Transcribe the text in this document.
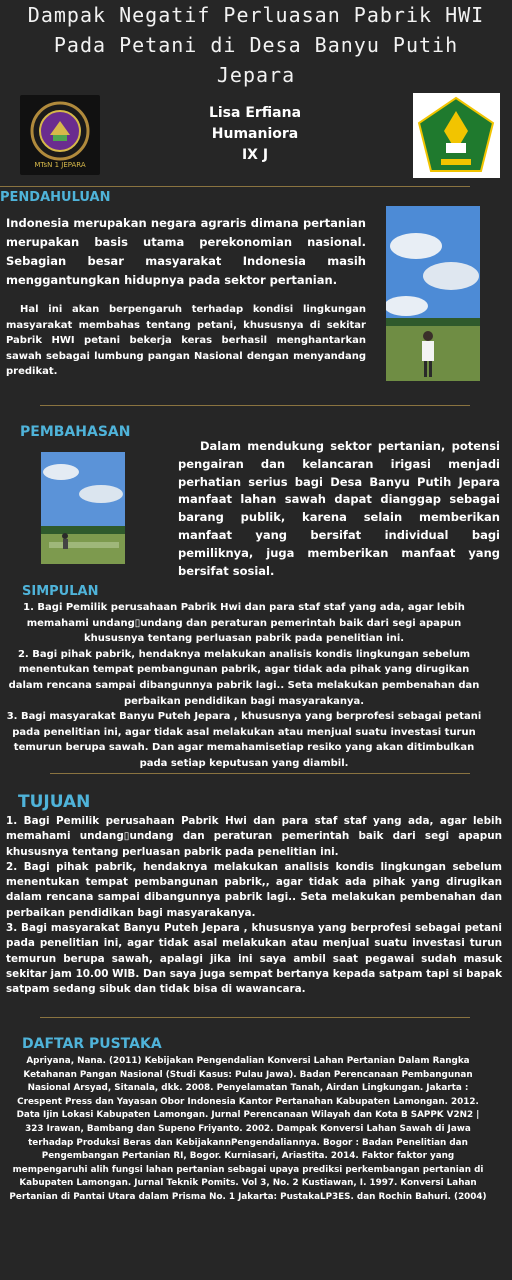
Dampak Negatif Perluasan Pabrik HWI
Pada Petani di Desa Banyu Putih
Jepara
MTsN 1 JEPARA
Lisa Erfiana
Humaniora
IX J
PENDAHULUAN
Indonesia merupakan negara agraris dimana pertanian merupakan basis utama perekonomian nasional. Sebagian besar masyarakat Indonesia masih menggantungkan hidupnya pada sektor pertanian.
Hal ini akan berpengaruh terhadap kondisi lingkungan masyarakat membahas tentang petani, khususnya di sekitar Pabrik HWI petani bekerja keras berhasil menghantarkan sawah sebagai lumbung pangan Nasional dengan menyandang predikat.
PEMBAHASAN
Dalam mendukung sektor pertanian, potensi pengairan dan kelancaran irigasi menjadi perhatian serius bagi Desa Banyu Putih Jepara manfaat lahan sawah dapat dianggap sebagai barang publik, karena selain memberikan manfaat yang bersifat individual bagi pemiliknya, juga memberikan manfaat yang bersifat sosial.
SIMPULAN
1. Bagi Pemilik perusahaan Pabrik Hwi dan para staf staf yang ada, agar lebih memahami undang▯undang dan peraturan pemerintah baik dari segi apapun khususnya tentang perluasan pabrik pada penelitian ini.
2. Bagi pihak pabrik, hendaknya melakukan analisis kondis lingkungan sebelum menentukan tempat pembangunan pabrik, agar tidak ada pihak yang dirugikan dalam rencana sampai dibangunnya pabrik lagi.. Seta melakukan pembenahan dan perbaikan pendidikan bagi masyarakanya.
3. Bagi masyarakat Banyu Puteh Jepara , khususnya yang berprofesi sebagai petani pada penelitian ini, agar tidak asal melakukan atau menjual suatu investasi turun temurun berupa sawah. Dan agar memahamisetiap resiko yang akan ditimbulkan pada setiap keputusan yang diambil.
TUJUAN
1. Bagi Pemilik perusahaan Pabrik Hwi dan para staf staf yang ada, agar lebih memahami undang▯undang dan peraturan pemerintah baik dari segi apapun khususnya tentang perluasan pabrik pada penelitian ini.
2. Bagi pihak pabrik, hendaknya melakukan analisis kondis lingkungan sebelum menentukan tempat pembangunan pabrik,, agar tidak ada pihak yang dirugikan dalam rencana sampai dibangunnya pabrik lagi.. Seta melakukan pembenahan dan perbaikan pendidikan bagi masyarakanya.
3. Bagi masyarakat Banyu Puteh Jepara , khususnya yang berprofesi sebagai petani pada penelitian ini, agar tidak asal melakukan atau menjual suatu investasi turun temurun berupa sawah, apalagi jika ini saya ambil saat pegawai sudah masuk sekitar jam 10.00 WIB. Dan saya juga sempat bertanya kepada satpam tapi si bapak satpam sedang sibuk dan tidak bisa di wawancara.
DAFTAR PUSTAKA
Apriyana, Nana. (2011) Kebijakan Pengendalian Konversi Lahan Pertanian Dalam Rangka Ketahanan Pangan Nasional (Studi Kasus: Pulau Jawa). Badan Perencanaan Pembangunan Nasional Arsyad, Sitanala, dkk. 2008. Penyelamatan Tanah, Airdan Lingkungan. Jakarta : Crespent Press dan Yayasan Obor Indonesia Kantor Pertanahan Kabupaten Lamongan. 2012. Data Ijin Lokasi Kabupaten Lamongan. Jurnal Perencanaan Wilayah dan Kota B SAPPK V2N2 | 323 Irawan, Bambang dan Supeno Friyanto. 2002. Dampak Konversi Lahan Sawah di Jawa terhadap Produksi Beras dan KebijakannPengendaliannya. Bogor : Badan Penelitian dan Pengembangan Pertanian RI, Bogor. Kurniasari, Ariastita. 2014. Faktor faktor yang mempengaruhi alih fungsi lahan pertanian sebagai upaya prediksi perkembangan pertanian di Kabupaten Lamongan. Jurnal Teknik Pomits. Vol 3, No. 2 Kustiawan, I. 1997. Konversi Lahan Pertanian di Pantai Utara dalam Prisma No. 1 Jakarta: PustakaLP3ES. dan Rochin Bahuri. (2004)
